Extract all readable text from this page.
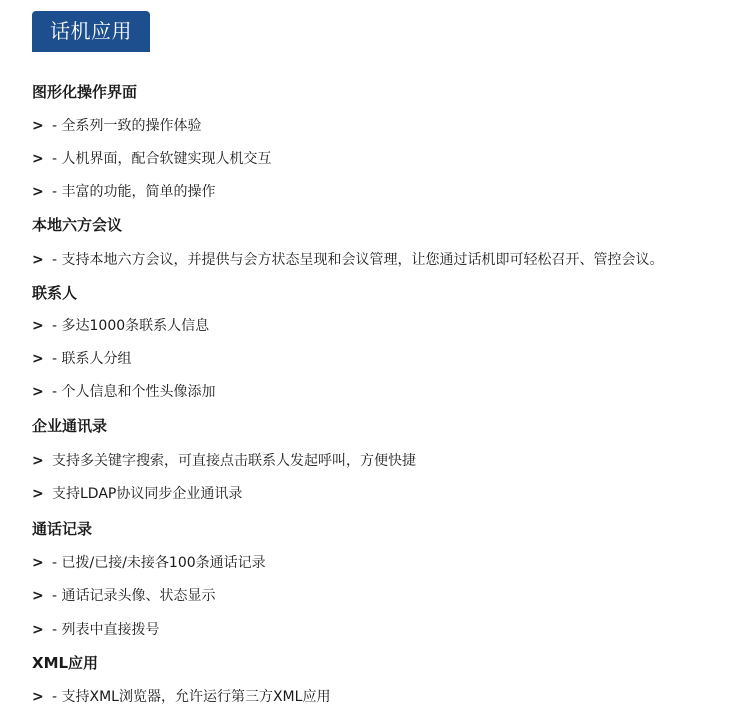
话机应用
图形化操作界面
> - 全系列一致的操作体验
> - 人机界面，配合软键实现人机交互
> - 丰富的功能，简单的操作
本地六方会议
> - 支持本地六方会议，并提供与会方状态呈现和会议管理，让您通过话机即可轻松召开、管控会议。
联系人
> - 多达1000条联系人信息
> - 联系人分组
> - 个人信息和个性头像添加
企业通讯录
> 支持多关键字搜索，可直接点击联系人发起呼叫，方便快捷
> 支持LDAP协议同步企业通讯录
通话记录
> - 已拨/已接/未接各100条通话记录
> - 通话记录头像、状态显示
> - 列表中直接拨号
XML应用
> - 支持XML浏览器，允许运行第三方XML应用
